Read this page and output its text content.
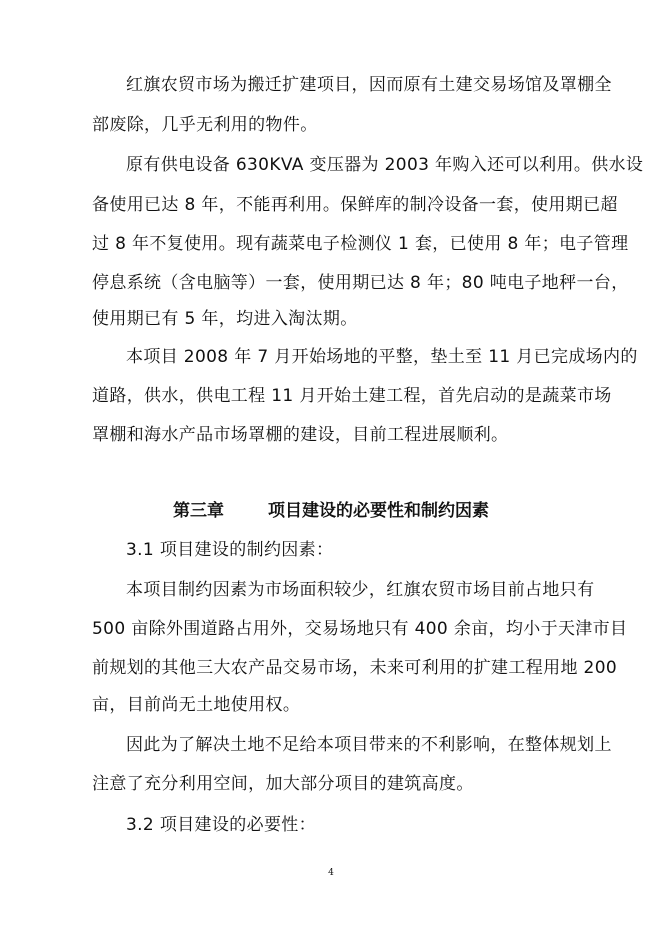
红旗农贸市场为搬迁扩建项目，因而原有土建交易场馆及罩棚全
部废除，几乎无利用的物件。
原有供电设备 630KVA 变压器为 2003 年购入还可以利用。供水设
备使用已达 8 年，不能再利用。保鲜库的制冷设备一套，使用期已超
过 8 年不复使用。现有蔬菜电子检测仪 1 套，已使用 8 年；电子管理
停息系统（含电脑等）一套，使用期已达 8 年；80 吨电子地秤一台，
使用期已有 5 年，均进入淘汰期。
本项目 2008 年 7 月开始场地的平整，垫土至 11 月已完成场内的
道路，供水，供电工程 11 月开始土建工程，首先启动的是蔬菜市场
罩棚和海水产品市场罩棚的建设，目前工程进展顺利。
第三章	项目建设的必要性和制约因素
3.1 项目建设的制约因素：
本项目制约因素为市场面积较少，红旗农贸市场目前占地只有
500 亩除外围道路占用外，交易场地只有 400 余亩，均小于天津市目
前规划的其他三大农产品交易市场，未来可利用的扩建工程用地 200
亩，目前尚无土地使用权。
因此为了解决土地不足给本项目带来的不利影响，在整体规划上
注意了充分利用空间，加大部分项目的建筑高度。
3.2 项目建设的必要性：
4
